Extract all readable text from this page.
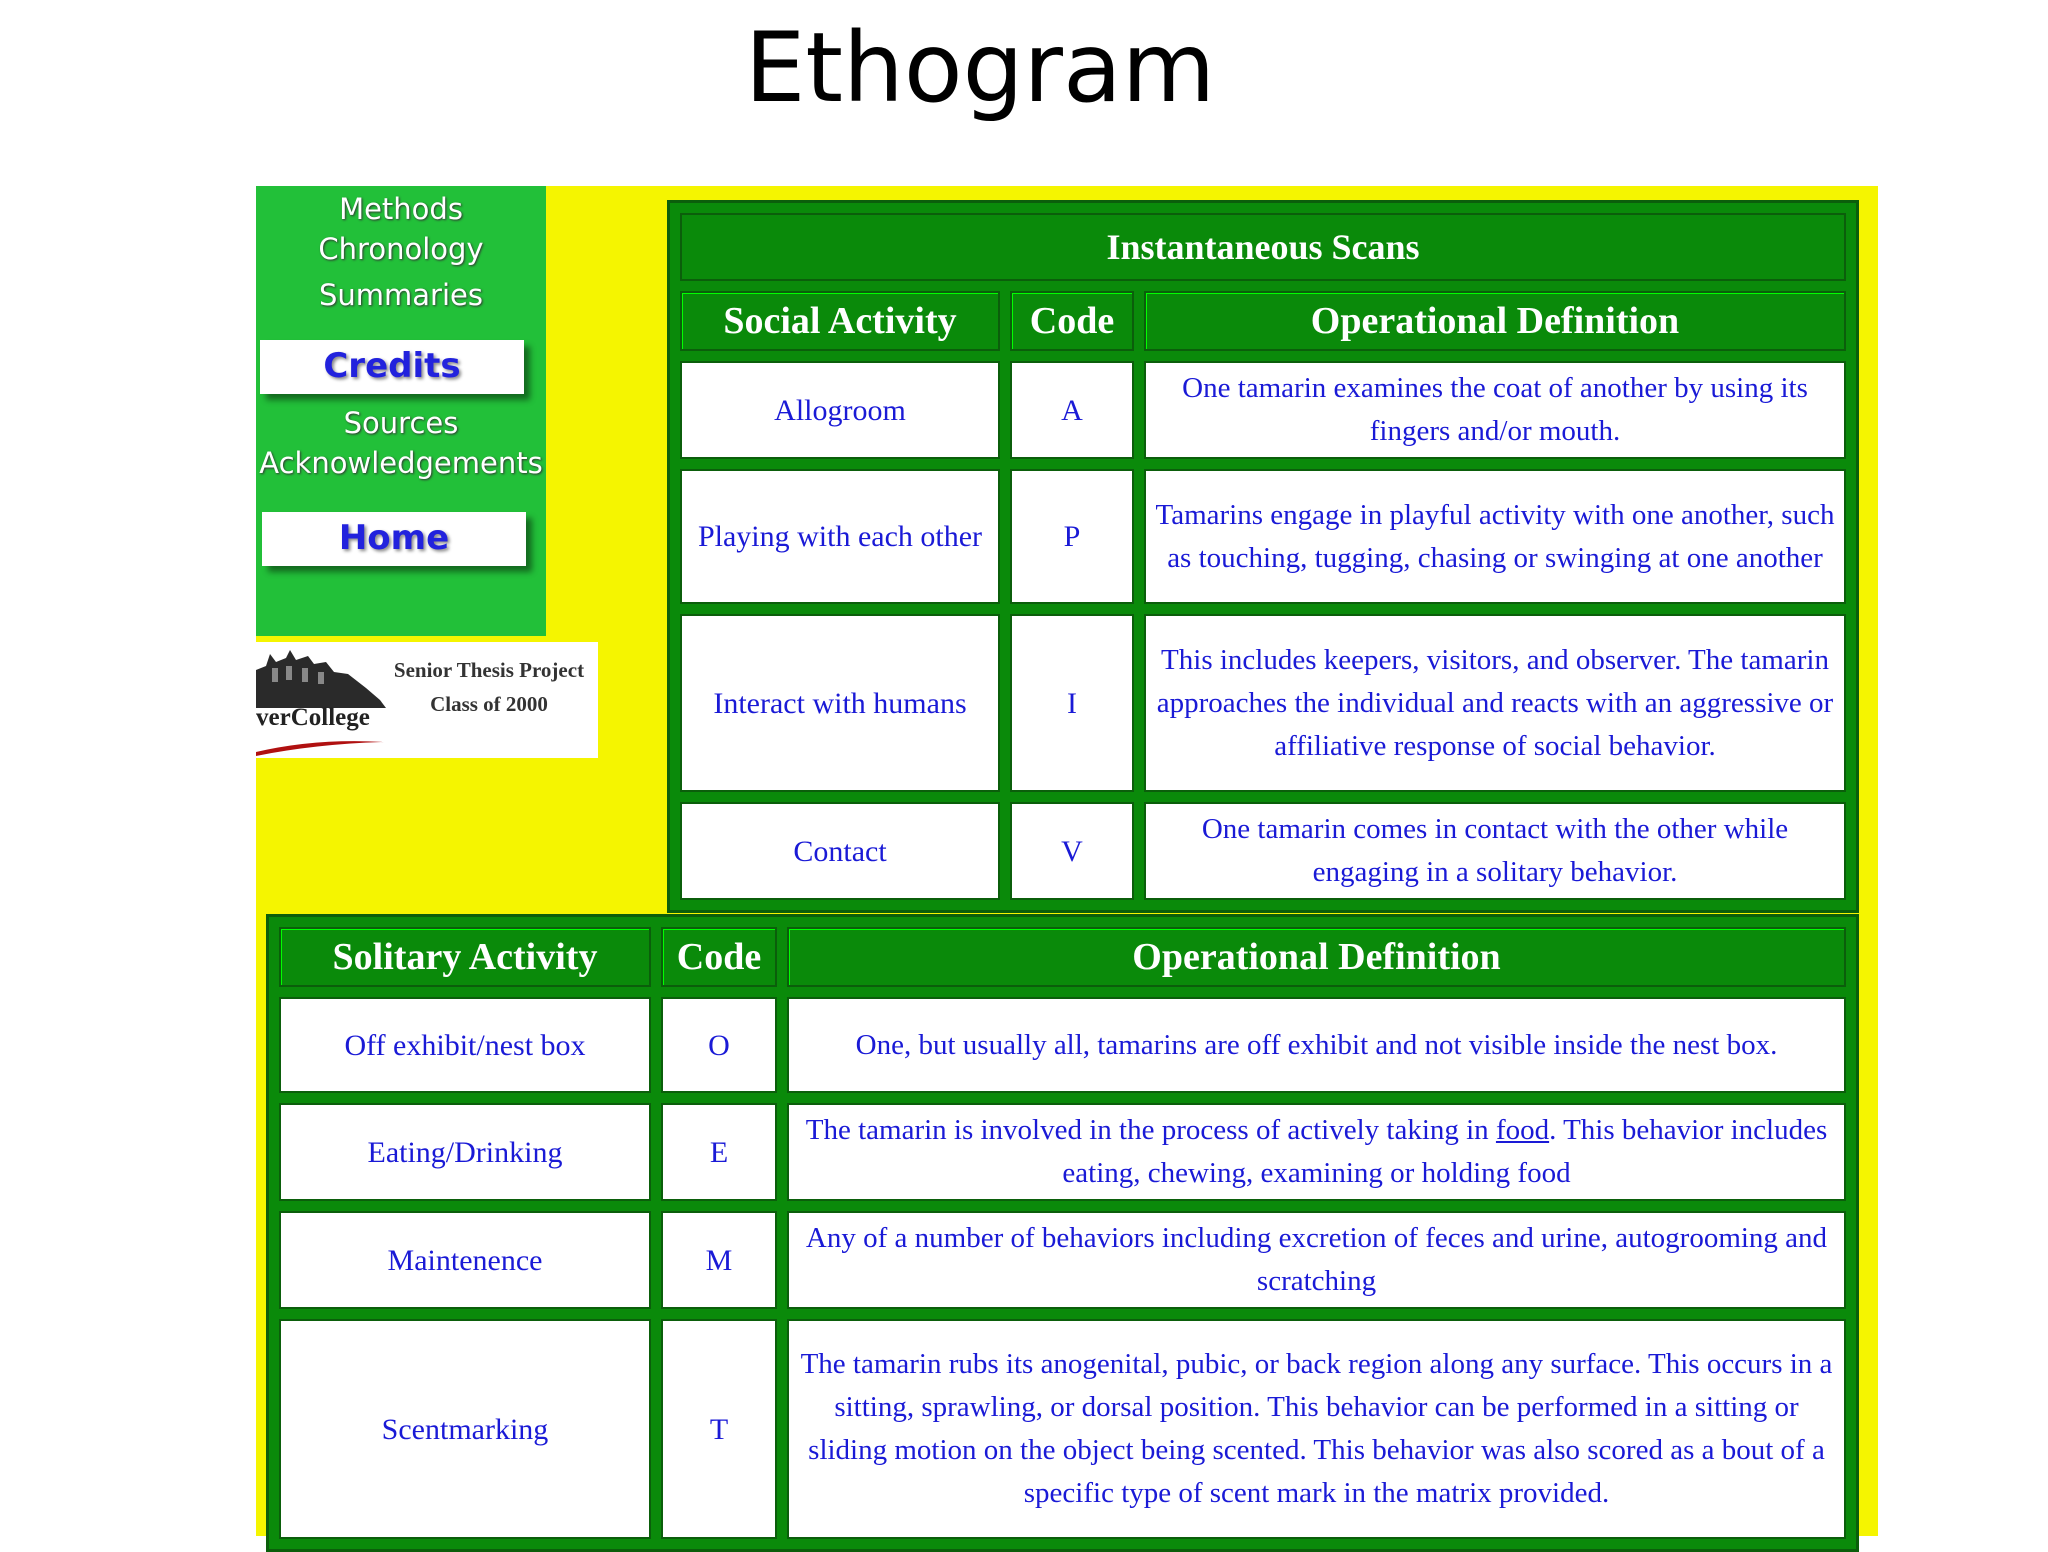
Ethogram
Methods
Chronology
Summaries
Credits
Sources
Acknowledgements
Home
verCollege
Senior Thesis Project
Class of 2000
Instantaneous Scans		
Social Activity	Code	Operational Definition
Allogroom	A	One tamarin examines the coat of another by using its fingers and/or mouth.
Playing with each other	P	Tamarins engage in playful activity with one another, such as touching, tugging, chasing or swinging at one another
Interact with humans	I	This includes keepers, visitors, and observer. The tamarin approaches the individual and reacts with an aggressive or affiliative response of social behavior.
Contact	V	One tamarin comes in contact with the other while engaging in a solitary behavior.
Solitary Activity	Code	Operational Definition
Off exhibit/nest box	O	One, but usually all, tamarins are off exhibit and not visible inside the nest box.
Eating/Drinking	E	The tamarin is involved in the process of actively taking in food. This behavior includes eating, chewing, examining or holding food
Maintenence	M	Any of a number of behaviors including excretion of feces and urine, autogrooming and scratching
Scentmarking	T	The tamarin rubs its anogenital, pubic, or back region along any surface. This occurs in a sitting, sprawling, or dorsal position. This behavior can be performed in a sitting or sliding motion on the object being scented. This behavior was also scored as a bout of a specific type of scent mark in the matrix provided.
